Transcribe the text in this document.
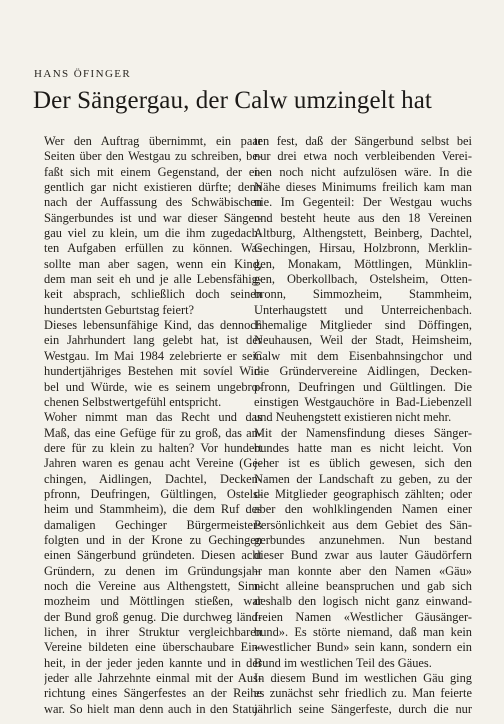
HANS ÖFINGER
Der Sängergau, der Calw umzingelt hat
Wer den Auftrag übernimmt, ein paar
Seiten über den Westgau zu schreiben, be-
faßt sich mit einem Gegenstand, der ei-
gentlich gar nicht existieren dürfte; denn
nach der Auffassung des Schwäbischen
Sängerbundes ist und war dieser Sänger-
gau viel zu klein, um die ihm zugedach-
ten Aufgaben erfüllen zu können. Was
sollte man aber sagen, wenn ein Kind,
dem man seit eh und je alle Lebensfähig-
keit absprach, schließlich doch seinen
hundertsten Geburtstag feiert?
Dieses lebensunfähige Kind, das dennoch
ein Jahrhundert lang gelebt hat, ist der
Westgau. Im Mai 1984 zelebrierte er sein
hundertjähriges Bestehen mit sovíel Wir-
bel und Würde, wie es seinem ungebro-
chenen Selbstwertgefühl entspricht.
Woher nimmt man das Recht und das
Maß, das eine Gefüge für zu groß, das an-
dere für zu klein zu halten? Vor hundert
Jahren waren es genau acht Vereine (Ge-
chingen, Aidlingen, Dachtel, Decken-
pfronn, Deufringen, Gültlingen, Ostels-
heim und Stammheim), die dem Ruf des
damaligen Gechinger Bürgermeisters
folgten und in der Krone zu Gechingen
einen Sängerbund gründeten. Diesen acht
Gründern, zu denen im Gründungsjahr
noch die Vereine aus Althengstett, Sim-
mozheim und Möttlingen stießen, war
der Bund groß genug. Die durchweg länd-
lichen, in ihrer Struktur vergleichbaren
Vereine bildeten eine überschaubare Ein-
heit, in der jeder jeden kannte und in der
jeder alle Jahrzehnte einmal mit der Aus-
richtung eines Sängerfestes an der Reihe
war. So hielt man denn auch in den Statu-
ten fest, daß der Sängerbund selbst bei
nur drei etwa noch verbleibenden Verei-
nen noch nicht aufzulösen wäre. In die
Nähe dieses Minimums freilich kam man
nie. Im Gegenteil: Der Westgau wuchs
und besteht heute aus den 18 Vereinen
Altburg, Althengstett, Beinberg, Dachtel,
Gechingen, Hirsau, Holzbronn, Merklin-
gen, Monakam, Möttlingen, Münklin-
gen, Oberkollbach, Ostelsheim, Otten-
bronn, Simmozheim, Stammheim,
Unterhaugstett und Unterreichenbach.
Ehemalige Mitglieder sind Döffingen,
Neuhausen, Weil der Stadt, Heimsheim,
Calw mit dem Eisenbahnsingchor und
die Gründervereine Aidlingen, Decken-
pfronn, Deufringen und Gültlingen. Die
einstigen Westgauchöre in Bad-Liebenzell
und Neuhengstett existieren nicht mehr.
Mit der Namensfindung dieses Sänger-
bundes hatte man es nicht leicht. Von
jeher ist es üblich gewesen, sich den
Namen der Landschaft zu geben, zu der
die Mitglieder geographisch zählten; oder
aber den wohlklingenden Namen einer
Persönlichkeit aus dem Gebiet des Sän-
gerbundes anzunehmen. Nun bestand
dieser Bund zwar aus lauter Gäudörfern
– man konnte aber den Namen «Gäu»
nicht alleine beanspruchen und gab sich
deshalb den logisch nicht ganz einwand-
freien Namen «Westlicher Gäusänger-
bund». Es störte niemand, daß man kein
«westlicher Bund» sein kann, sondern ein
Bund im westlichen Teil des Gäues.
In diesem Bund im westlichen Gäu ging
es zunächst sehr friedlich zu. Man feierte
jährlich seine Sängerfeste, durch die nur
